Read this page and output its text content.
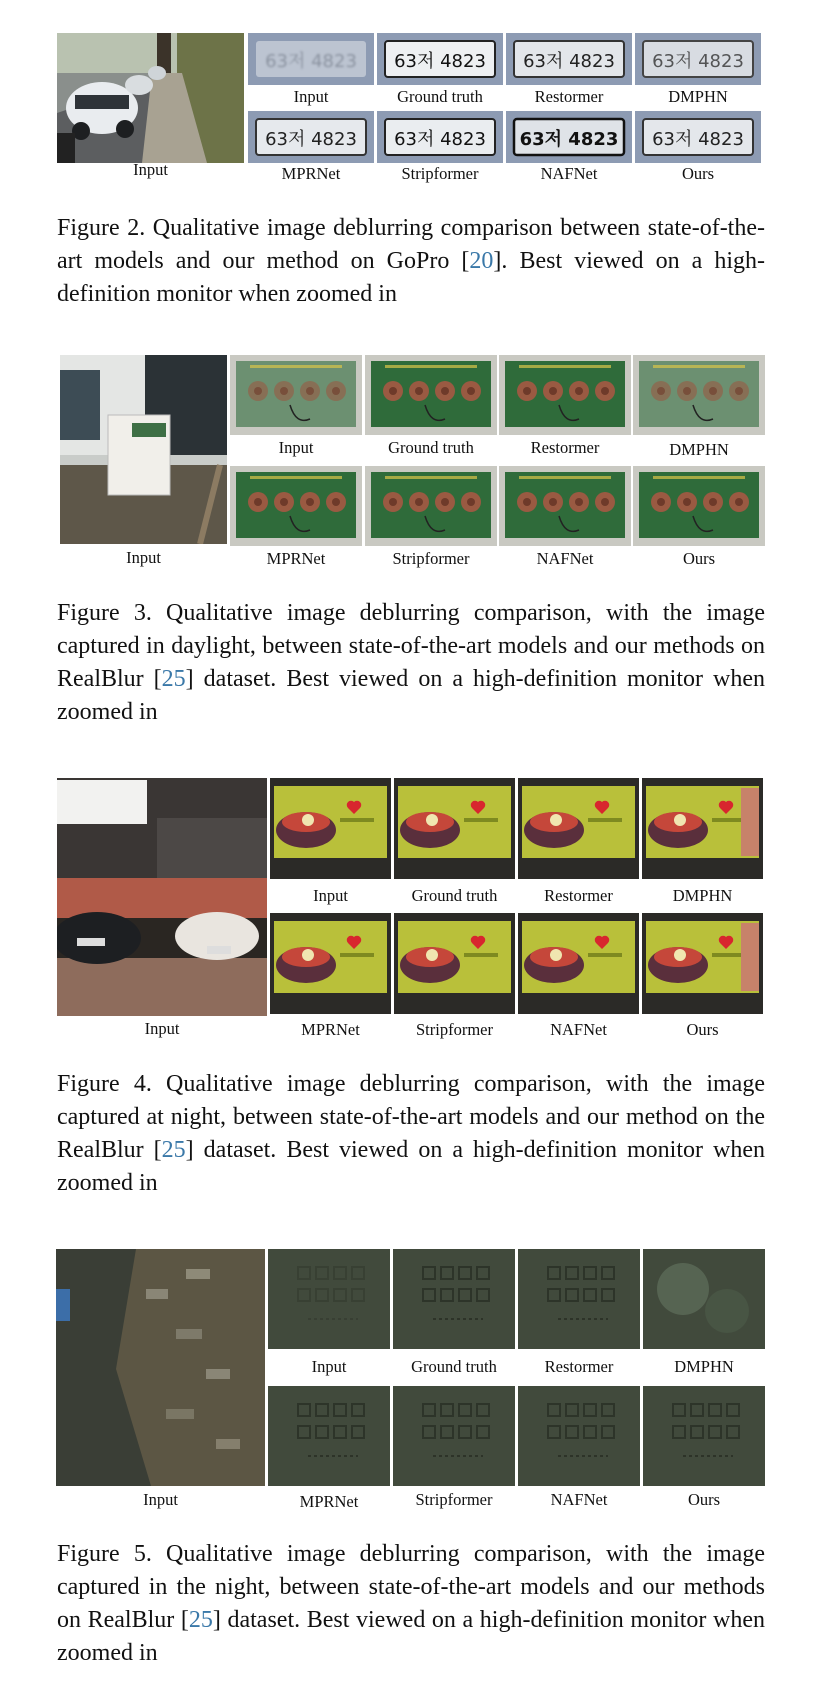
Input
63저 4823 63저 4823 63저 4823 63저 4823
Input	Ground truth	Restormer	DMPHN
63저 4823 63저 4823 63저 4823 63저 4823
MPRNet	Stripformer	NAFNet	Ours
Figure 2. Qualitative image deblurring comparison between state-of-the-art models and our method on GoPro [20]. Best viewed on a high-definition monitor when zoomed in
Input
Input	Ground truth	Restormer	DMPHN
MPRNet	Stripformer	NAFNet	Ours
Figure 3. Qualitative image deblurring comparison, with the image captured in daylight, between state-of-the-art models and our methods on RealBlur [25] dataset. Best viewed on a high-definition monitor when zoomed in
Input
Input	Ground truth	Restormer	DMPHN
MPRNet	Stripformer	NAFNet	Ours
Figure 4. Qualitative image deblurring comparison, with the image captured at night, between state-of-the-art models and our method on the RealBlur [25] dataset. Best viewed on a high-definition monitor when zoomed in
Input
Input	Ground truth	Restormer	DMPHN
MPRNet	Stripformer	NAFNet	Ours
Figure 5. Qualitative image deblurring comparison, with the image captured in the night, between state-of-the-art models and our methods on RealBlur [25] dataset. Best viewed on a high-definition monitor when zoomed in
